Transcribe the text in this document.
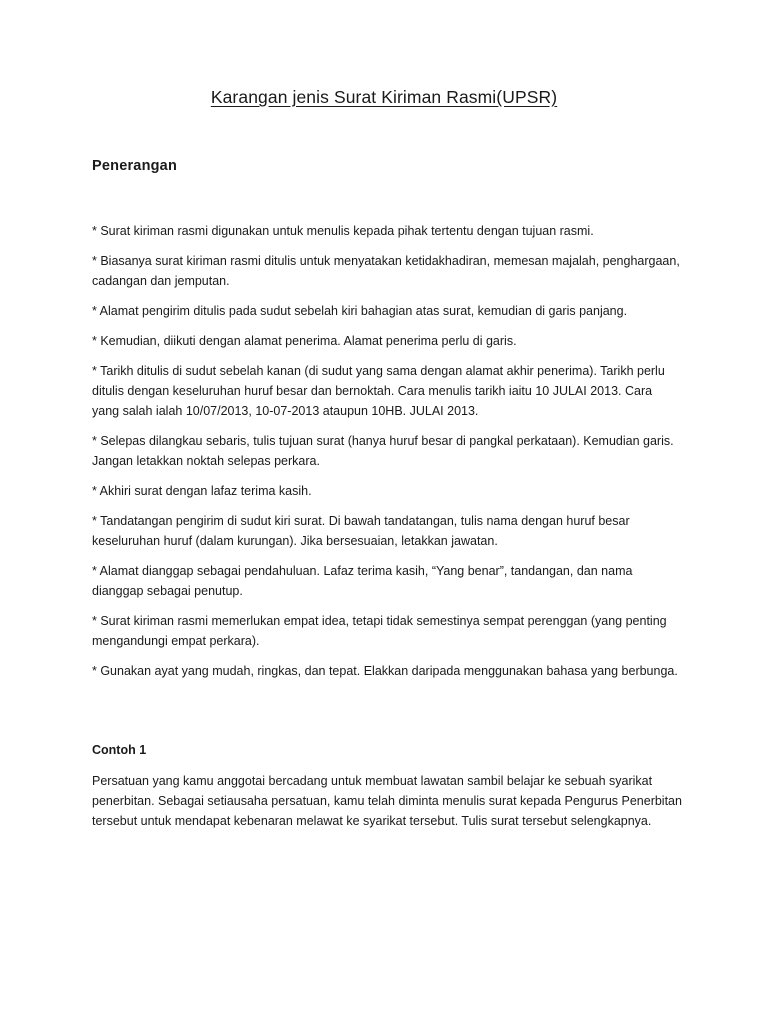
Karangan jenis Surat Kiriman Rasmi(UPSR)
Penerangan
* Surat kiriman rasmi digunakan untuk menulis kepada pihak tertentu dengan tujuan rasmi.
* Biasanya surat kiriman rasmi ditulis untuk menyatakan ketidakhadiran, memesan majalah, penghargaan, cadangan dan jemputan.
* Alamat pengirim ditulis pada sudut sebelah kiri bahagian atas surat, kemudian di garis panjang.
* Kemudian, diikuti dengan alamat penerima. Alamat penerima perlu di garis.
* Tarikh ditulis di sudut sebelah kanan (di sudut yang sama dengan alamat akhir penerima). Tarikh perlu ditulis dengan keseluruhan huruf besar dan bernoktah. Cara menulis tarikh iaitu 10 JULAI 2013. Cara yang salah ialah 10/07/2013, 10-07-2013 ataupun 10HB. JULAI 2013.
* Selepas dilangkau sebaris, tulis tujuan surat (hanya huruf besar di pangkal perkataan). Kemudian garis. Jangan letakkan noktah selepas perkara.
* Akhiri surat dengan lafaz terima kasih.
* Tandatangan pengirim di sudut kiri surat. Di bawah tandatangan, tulis nama dengan huruf besar keseluruhan huruf (dalam kurungan). Jika bersesuaian, letakkan jawatan.
* Alamat dianggap sebagai pendahuluan. Lafaz terima kasih, “Yang benar”, tandangan, dan nama dianggap sebagai penutup.
* Surat kiriman rasmi memerlukan empat idea, tetapi tidak semestinya sempat perenggan (yang penting mengandungi empat perkara).
* Gunakan ayat yang mudah, ringkas, dan tepat. Elakkan daripada menggunakan bahasa yang berbunga.
Contoh 1

Persatuan yang kamu anggotai bercadang untuk membuat lawatan sambil belajar ke sebuah syarikat penerbitan. Sebagai setiausaha persatuan, kamu telah diminta menulis surat kepada Pengurus Penerbitan tersebut untuk mendapat kebenaran melawat ke syarikat tersebut. Tulis surat tersebut selengkapnya.
